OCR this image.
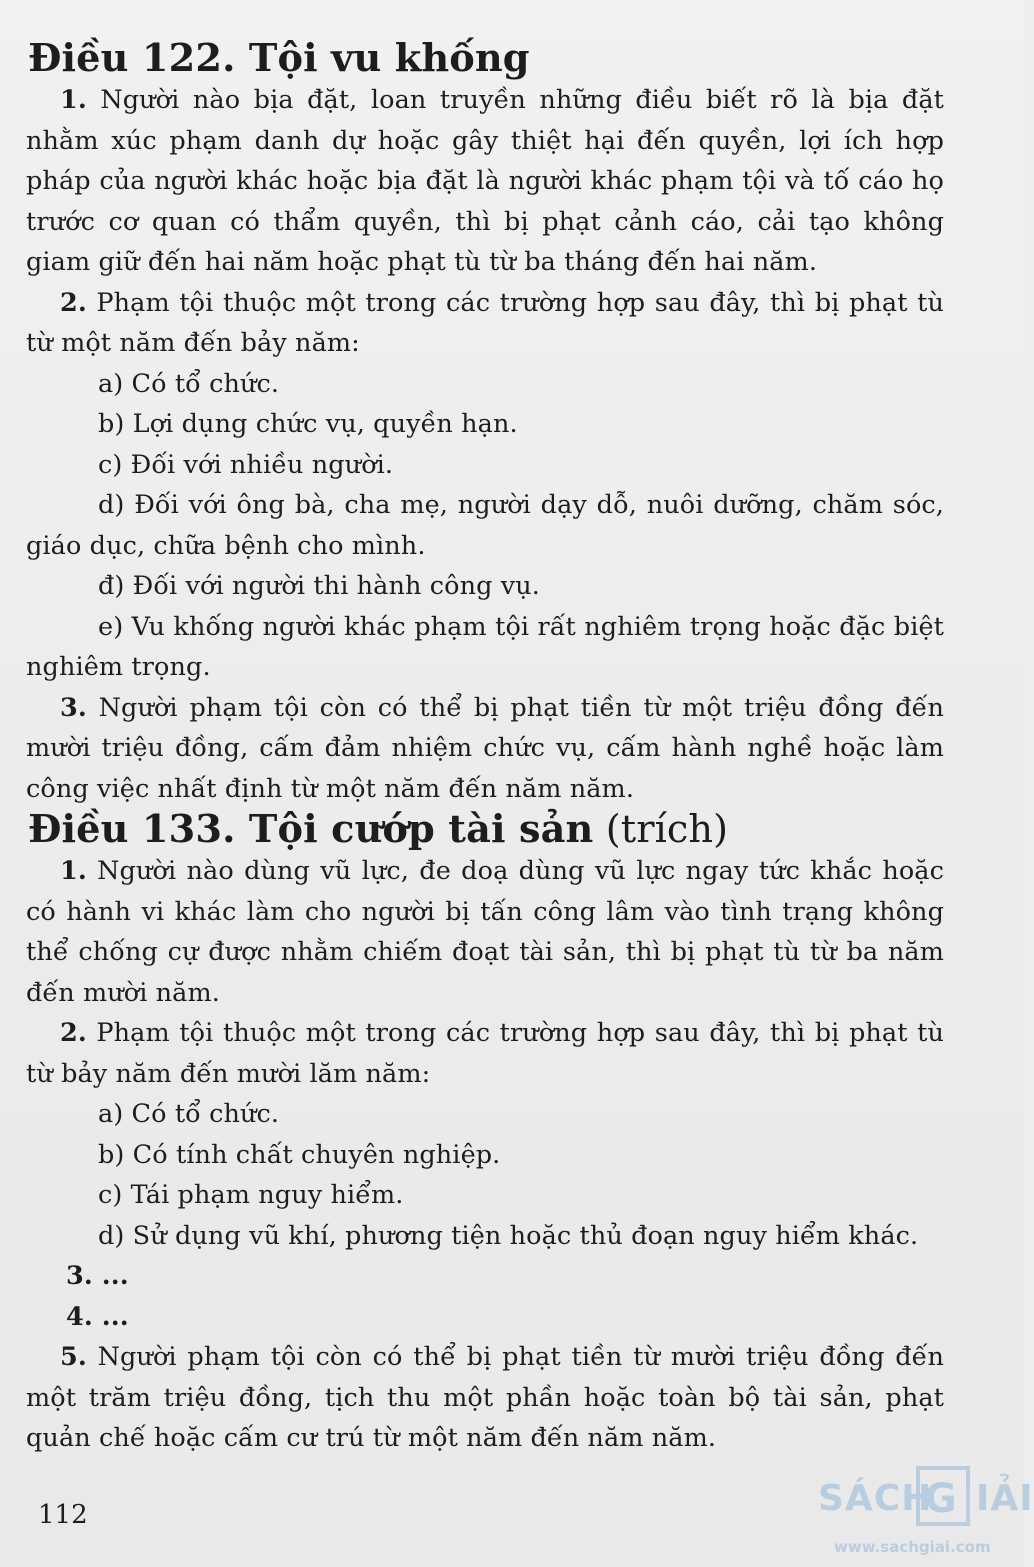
Điều 122. Tội vu khống

1. Người nào bịa đặt, loan truyền những điều biết rõ là bịa đặt nhằm xúc phạm danh dự hoặc gây thiệt hại đến quyền, lợi ích hợp pháp của người khác hoặc bịa đặt là người khác phạm tội và tố cáo họ trước cơ quan có thẩm quyền, thì bị phạt cảnh cáo, cải tạo không giam giữ đến hai năm hoặc phạt tù từ ba tháng đến hai năm.

2. Phạm tội thuộc một trong các trường hợp sau đây, thì bị phạt tù từ một năm đến bảy năm:

a) Có tổ chức.

b) Lợi dụng chức vụ, quyền hạn.

c) Đối với nhiều người.

d) Đối với ông bà, cha mẹ, người dạy dỗ, nuôi dưỡng, chăm sóc, giáo dục, chữa bệnh cho mình.

đ) Đối với người thi hành công vụ.

e) Vu khống người khác phạm tội rất nghiêm trọng hoặc đặc biệt nghiêm trọng.

3. Người phạm tội còn có thể bị phạt tiền từ một triệu đồng đến mười triệu đồng, cấm đảm nhiệm chức vụ, cấm hành nghề hoặc làm công việc nhất định từ một năm đến năm năm.

Điều 133. Tội cướp tài sản (trích)

1. Người nào dùng vũ lực, đe doạ dùng vũ lực ngay tức khắc hoặc có hành vi khác làm cho người bị tấn công lâm vào tình trạng không thể chống cự được nhằm chiếm đoạt tài sản, thì bị phạt tù từ ba năm đến mười năm.

2. Phạm tội thuộc một trong các trường hợp sau đây, thì bị phạt tù từ bảy năm đến mười lăm năm:

a) Có tổ chức.

b) Có tính chất chuyên nghiệp.

c) Tái phạm nguy hiểm.

d) Sử dụng vũ khí, phương tiện hoặc thủ đoạn nguy hiểm khác.

3. ...

4. ...

5. Người phạm tội còn có thể bị phạt tiền từ mười triệu đồng đến một trăm triệu đồng, tịch thu một phần hoặc toàn bộ tài sản, phạt quản chế hoặc cấm cư trú từ một năm đến năm năm.

112	SÁCH
G IẢI
www.sachgiai.com
